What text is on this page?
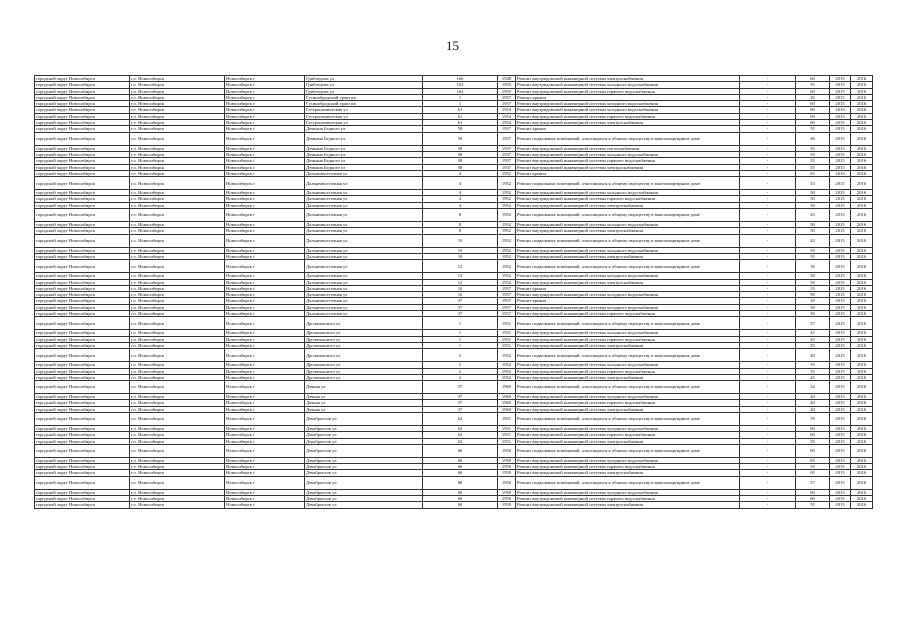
15
городской округ Новосибирск	г.о. Новосибирск	Новосибирск г	Грибоедова ул	160	1948	Ремонт внутридомовой инженерной системы электроснабжения	-	60	2015	2016
городской округ Новосибирск	г.о. Новосибирск	Новосибирск г	Грибоедова ул	162	1955	Ремонт внутридомовой инженерной системы холодного водоснабжения	-	55	2015	2016
городской округ Новосибирск	г.о. Новосибирск	Новосибирск г	Грибоедова ул	162	1955	Ремонт внутридомовой инженерной системы горячего водоснабжения	-	60	2015	2016
городской округ Новосибирск	г.о. Новосибирск	Новосибирск г	Гусинобродский тракт кв	1	1957	Ремонт крыши	-	20	2015	2016
городской округ Новосибирск	г.о. Новосибирск	Новосибирск г	Гусинобродский тракт кв	1	1957	Ремонт внутридомовой инженерной системы холодного водоснабжения	-	60	2015	2016
городской округ Новосибирск	г.о. Новосибирск	Новосибирск г	Гастрономическая ул	61	1954	Ремонт внутридомовой инженерной системы холодного водоснабжения	-	80	2015	2016
городской округ Новосибирск	г.о. Новосибирск	Новосибирск г	Гастрономическая ул	61	1954	Ремонт внутридомовой инженерной системы горячего водоснабжения	-	69	2015	2016
городской округ Новосибирск	г.о. Новосибирск	Новосибирск г	Гастрономическая ул	61	1954	Ремонт внутридомовой инженерной системы электроснабжения	-	60	2015	2016
городской округ Новосибирск	г.о. Новосибирск	Новосибирск г	Демьяна Бедного ул	58	1937	Ремонт крыши	-	55	2015	2016
городской округ Новосибирск	г.о. Новосибирск	Новосибирск г	Демьяна Бедного ул	58	1937	Ремонт подвальных помещений, относящихся к общему имуществу в многоквартирном доме	-	46	2015	2016
городской округ Новосибирск	г.о. Новосибирск	Новосибирск г	Демьяна Бедного ул	58	1937	Ремонт внутридомовой инженерной системы теплоснабжения	-	55	2015	2016
городской округ Новосибирск	г.о. Новосибирск	Новосибирск г	Демьяна Бедного ул	58	1937	Ремонт внутридомовой инженерной системы холодного водоснабжения	-	55	2015	2016
городской округ Новосибирск	г.о. Новосибирск	Новосибирск г	Демьяна Бедного ул	58	1937	Ремонт внутридомовой инженерной системы горячего водоснабжения	-	55	2015	2016
городской округ Новосибирск	г.о. Новосибирск	Новосибирск г	Демьяна Бедного ул	58	1937	Ремонт внутридомовой инженерной системы электроснабжения	-	55	2015	2016
городской округ Новосибирск	г.о. Новосибирск	Новосибирск г	Дальнеавосточная ул	4	1952	Ремонт крыши	-	65	2015	2016
городской округ Новосибирск	г.о. Новосибирск	Новосибирск г	Дальнеавосточная ул	4	1952	Ремонт подвальных помещений, относящихся к общему имуществу в многоквартирном доме	-	53	2015	2016
городской округ Новосибирск	г.о. Новосибирск	Новосибирск г	Дальнеавосточная ул	4	1952	Ремонт внутридомовой инженерной системы холодного водоснабжения	-	50	2015	2016
городской округ Новосибирск	г.о. Новосибирск	Новосибирск г	Дальнеавосточная ул	4	1952	Ремонт внутридомовой инженерной системы горячего водоснабжения	-	50	2015	2016
городской округ Новосибирск	г.о. Новосибирск	Новосибирск г	Дальнеавосточная ул	4	1952	Ремонт внутридомовой инженерной системы электроснабжения	-	50	2015	2016
городской округ Новосибирск	г.о. Новосибирск	Новосибирск г	Дальнеавосточная ул	8	1952	Ремонт подвальных помещений, относящихся к общему имуществу в многоквартирном доме	-	45	2015	2016
городской округ Новосибирск	г.о. Новосибирск	Новосибирск г	Дальнеавосточная ул	8	1952	Ремонт внутридомовой инженерной системы холодного водоснабжения	-	50	2015	2016
городской округ Новосибирск	г.о. Новосибирск	Новосибирск г	Дальнеавосточная ул	8	1952	Ремонт внутридомовой инженерной системы электроснабжения	-	50	2015	2016
городской округ Новосибирск	г.о. Новосибирск	Новосибирск г	Дальнеавосточная ул	10	1952	Ремонт подвальных помещений, относящихся к общему имуществу в многоквартирном доме	-	42	2015	2016
городской округ Новосибирск	г.о. Новосибирск	Новосибирск г	Дальнеавосточная ул	10	1952	Ремонт внутридомовой инженерной системы холодного водоснабжения	-	55	2015	2016
городской округ Новосибирск	г.о. Новосибирск	Новосибирск г	Дальнеавосточная ул	10	1952	Ремонт внутридомовой инженерной системы электроснабжения	-	55	2015	2016
городской округ Новосибирск	г.о. Новосибирск	Новосибирск г	Дальнеавосточная ул	12	1952	Ремонт подвальных помещений, относящихся к общему имуществу в многоквартирном доме	-	30	2015	2016
городской округ Новосибирск	г.о. Новосибирск	Новосибирск г	Дальнеавосточная ул	12	1952	Ремонт внутридомовой инженерной системы холодного водоснабжения	-	50	2015	2016
городской округ Новосибирск	г.о. Новосибирск	Новосибирск г	Дальнеавосточная ул	12	1952	Ремонт внутридомовой инженерной системы электроснабжения	-	50	2015	2016
городской округ Новосибирск	г.о. Новосибирск	Новосибирск г	Дальнеавосточная ул	16	1957	Ремонт крыши	-	55	2015	2016
городской округ Новосибирск	г.о. Новосибирск	Новосибирск г	Дальнеавосточная ул	16	1957	Ремонт внутридомовой инженерной системы холодного водоснабжения	-	50	2015	2016
городской округ Новосибирск	г.о. Новосибирск	Новосибирск г	Дальнеавосточная ул	37	1957	Ремонт крыши	-	20	2015	2016
городской округ Новосибирск	г.о. Новосибирск	Новосибирск г	Дальнеавосточная ул	37	1957	Ремонт внутридомовой инженерной системы холодного водоснабжения	-	50	2015	2016
городской округ Новосибирск	г.о. Новосибирск	Новосибирск г	Дальнеавосточная ул	37	1957	Ремонт внутридомовой инженерной системы горячего водоснабжения	-	50	2015	2016
городской округ Новосибирск	г.о. Новосибирск	Новосибирск г	Дргомыжского ул	1	1951	Ремонт подвальных помещений, относящихся к общему имуществу в многоквартирном доме	-	57	2015	2016
городской округ Новосибирск	г.о. Новосибирск	Новосибирск г	Дргомыжского ул	1	1951	Ремонт внутридомовой инженерной системы холодного водоснабжения	-	45	2015	2016
городской округ Новосибирск	г.о. Новосибирск	Новосибирск г	Дргомыжского ул	1	1951	Ремонт внутридомовой инженерной системы горячего водоснабжения	-	45	2015	2016
городской округ Новосибирск	г.о. Новосибирск	Новосибирск г	Дргомыжского ул	1	1951	Ремонт внутридомовой инженерной системы электроснабжения	-	35	2015	2016
городской округ Новосибирск	г.о. Новосибирск	Новосибирск г	Дргомыжского ул	2	1952	Ремонт подвальных помещений, относящихся к общему имуществу в многоквартирном доме	-	40	2015	2016
городской округ Новосибирск	г.о. Новосибирск	Новосибирск г	Дргомыжского ул	2	1952	Ремонт внутридомовой инженерной системы холодного водоснабжения	-	35	2015	2016
городской округ Новосибирск	г.о. Новосибирск	Новосибирск г	Дргомыжского ул	2	1952	Ремонт внутридомовой инженерной системы горячего водоснабжения	-	35	2015	2016
городской округ Новосибирск	г.о. Новосибирск	Новосибирск г	Дргомыжского ул	2	1952	Ремонт внутридомовой инженерной системы электроснабжения	-	45	2015	2016
городской округ Новосибирск	г.о. Новосибирск	Новосибирск г	Дачная ул	37	1960	Ремонт подвальных помещений, относящихся к общему имуществу в многоквартирном доме	-	34	2015	2016
городской округ Новосибирск	г.о. Новосибирск	Новосибирск г	Дачная ул	37	1960	Ремонт внутридомовой инженерной системы холодного водоснабжения	-	40	2015	2016
городской округ Новосибирск	г.о. Новосибирск	Новосибирск г	Дачная ул	37	1960	Ремонт внутридомовой инженерной системы горячего водоснабжения	-	40	2015	2016
городской округ Новосибирск	г.о. Новосибирск	Новосибирск г	Дачная ул	37	1960	Ремонт внутридомовой инженерной системы электроснабжения	-	40	2015	2016
городской округ Новосибирск	г.о. Новосибирск	Новосибирск г	Декабристов ул	62	1951	Ремонт подвальных помещений, относящихся к общему имуществу в многоквартирном доме	-	59	2015	2016
городской округ Новосибирск	г.о. Новосибирск	Новосибирск г	Декабристов ул	62	1951	Ремонт внутридомовой инженерной системы холодного водоснабжения	-	60	2015	2016
городской округ Новосибирск	г.о. Новосибирск	Новосибирск г	Декабристов ул	62	1951	Ремонт внутридомовой инженерной системы горячего водоснабжения	-	60	2015	2016
городской округ Новосибирск	г.о. Новосибирск	Новосибирск г	Декабристов ул	62	1951	Ремонт внутридомовой инженерной системы электроснабжения	-	55	2015	2016
городской округ Новосибирск	г.о. Новосибирск	Новосибирск г	Декабристов ул	66	1950	Ремонт подвальных помещений, относящихся к общему имуществу в многоквартирном доме	-	60	2015	2016
городской округ Новосибирск	г.о. Новосибирск	Новосибирск г	Декабристов ул	66	1950	Ремонт внутридомовой инженерной системы холодного водоснабжения	-	65	2015	2016
городской округ Новосибирск	г.о. Новосибирск	Новосибирск г	Декабристов ул	66	1950	Ремонт внутридомовой инженерной системы горячего водоснабжения	-	55	2015	2016
городской округ Новосибирск	г.о. Новосибирск	Новосибирск г	Декабристов ул	66	1950	Ремонт внутридомовой инженерной системы электроснабжения	-	65	2015	2016
городской округ Новосибирск	г.о. Новосибирск	Новосибирск г	Декабристов ул	68	1950	Ремонт подвальных помещений, относящихся к общему имуществу в многоквартирном доме	-	57	2015	2016
городской округ Новосибирск	г.о. Новосибирск	Новосибирск г	Декабристов ул	68	1950	Ремонт внутридомовой инженерной системы холодного водоснабжения	-	60	2015	2016
городской округ Новосибирск	г.о. Новосибирск	Новосибирск г	Декабристов ул	68	1950	Ремонт внутридомовой инженерной системы горячего водоснабжения	-	60	2015	2016
городской округ Новосибирск	г.о. Новосибирск	Новосибирск г	Декабристов ул	68	1950	Ремонт внутридомовой инженерной системы электроснабжения	-	55	2015	2016
